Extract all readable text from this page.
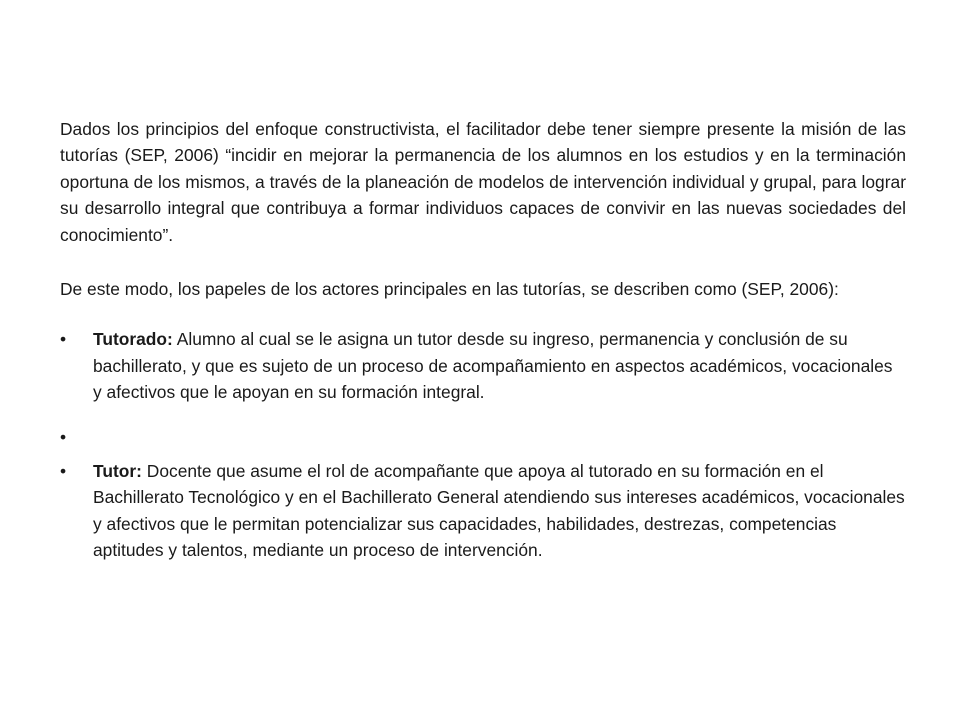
Dados los principios del enfoque constructivista, el facilitador debe tener siempre presente la misión de las tutorías (SEP, 2006) “incidir en mejorar la permanencia de los alumnos en los estudios y en la terminación oportuna de los mismos, a través de la planeación de modelos de intervención individual y grupal, para lograr su desarrollo integral que contribuya a formar individuos capaces de convivir en las nuevas sociedades del conocimiento”.

De este modo, los papeles de los actores principales en las tutorías, se describen como (SEP, 2006):

•	Tutorado: Alumno al cual se le asigna un tutor desde su ingreso, permanencia y conclusión de su bachillerato, y que es sujeto de un proceso de acompañamiento en aspectos académicos, vocacionales y afectivos que le apoyan en su formación integral.
•
•	Tutor: Docente que asume el rol de acompañante que apoya al tutorado en su formación en el Bachillerato Tecnológico y en el Bachillerato General atendiendo sus intereses académicos, vocacionales y afectivos que le permitan potencializar sus capacidades, habilidades, destrezas, competencias aptitudes y talentos, mediante un proceso de intervención.
